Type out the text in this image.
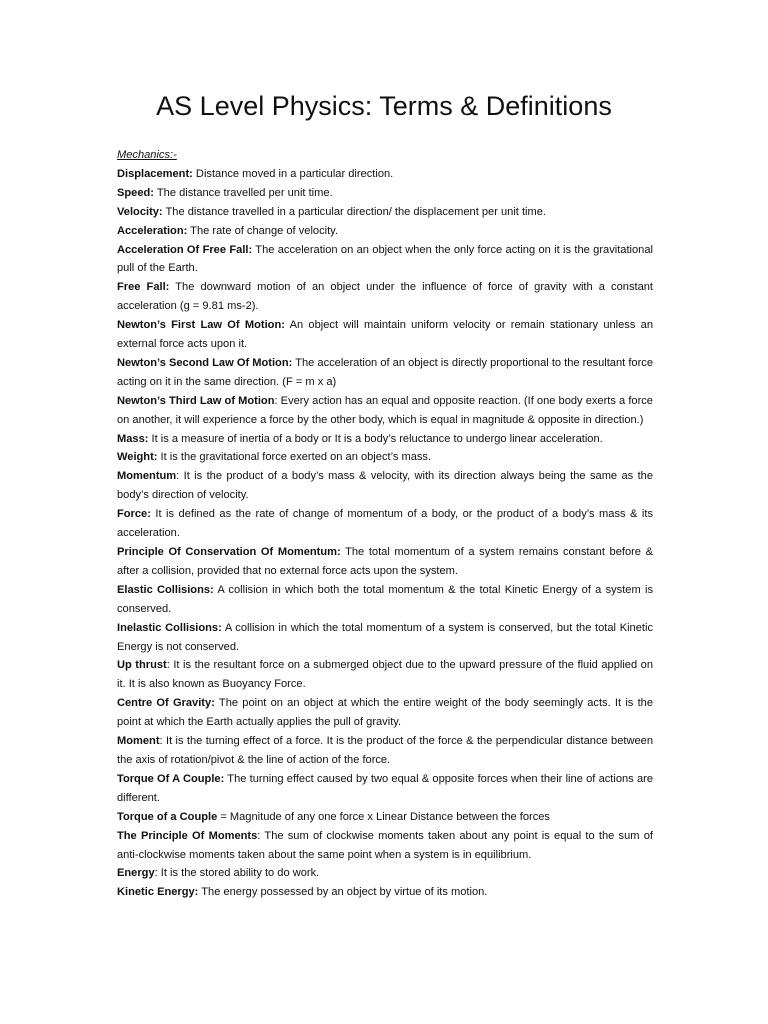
AS Level Physics: Terms & Definitions

Mechanics:-

Displacement: Distance moved in a particular direction.

Speed: The distance travelled per unit time.

Velocity: The distance travelled in a particular direction/ the displacement per unit time.

Acceleration: The rate of change of velocity.

Acceleration Of Free Fall: The acceleration on an object when the only force acting on it is the gravitational pull of the Earth.

Free Fall: The downward motion of an object under the influence of force of gravity with a constant acceleration (g = 9.81 ms-2).

Newton’s First Law Of Motion: An object will maintain uniform velocity or remain stationary unless an external force acts upon it.

Newton’s Second Law Of Motion: The acceleration of an object is directly proportional to the resultant force acting on it in the same direction. (F = m x a)

Newton’s Third Law of Motion: Every action has an equal and opposite reaction. (If one body exerts a force on another, it will experience a force by the other body, which is equal in magnitude & opposite in direction.)

Mass: It is a measure of inertia of a body or It is a body’s reluctance to undergo linear acceleration.

Weight: It is the gravitational force exerted on an object’s mass.

Momentum: It is the product of a body’s mass & velocity, with its direction always being the same as the body’s direction of velocity.

Force: It is defined as the rate of change of momentum of a body, or the product of a body’s mass & its acceleration.

Principle Of Conservation Of Momentum: The total momentum of a system remains constant before & after a collision, provided that no external force acts upon the system.

Elastic Collisions: A collision in which both the total momentum & the total Kinetic Energy of a system is conserved.

Inelastic Collisions: A collision in which the total momentum of a system is conserved, but the total Kinetic Energy is not conserved.

Up thrust: It is the resultant force on a submerged object due to the upward pressure of the fluid applied on it. It is also known as Buoyancy Force.

Centre Of Gravity: The point on an object at which the entire weight of the body seemingly acts. It is the point at which the Earth actually applies the pull of gravity.

Moment: It is the turning effect of a force. It is the product of the force & the perpendicular distance between the axis of rotation/pivot & the line of action of the force.

Torque Of A Couple: The turning effect caused by two equal & opposite forces when their line of actions are different.

Torque of a Couple = Magnitude of any one force x Linear Distance between the forces

The Principle Of Moments: The sum of clockwise moments taken about any point is equal to the sum of anti-clockwise moments taken about the same point when a system is in equilibrium.

Energy: It is the stored ability to do work.

Kinetic Energy: The energy possessed by an object by virtue of its motion.
